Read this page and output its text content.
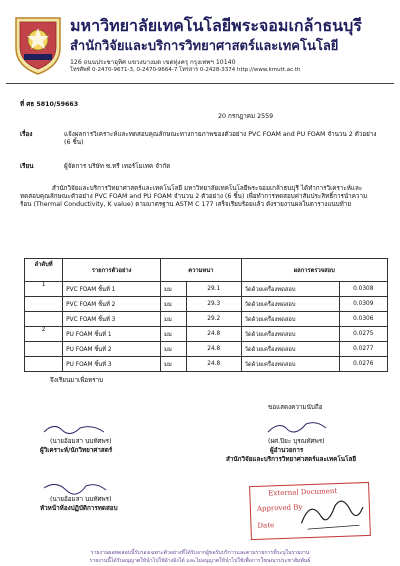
มหาวิทยาลัยเทคโนโลยีพระจอมเกล้าธนบุรี
สำนักวิจัยและบริการวิทยาศาสตร์และเทคโนโลยี
126 ถนนประชาอุทิศ แขวงบางมด เขตทุ่งครุ กรุงเทพฯ 10140
โทรศัพท์ 0-2470-9671-3, 0-2470-9664-7 โทรสาร 0-2428-3374 http://www.kmutt.ac.th
ที่ ศธ 5810/59663
20 กรกฎาคม 2559
เรื่อง	แจ้งผลการวิเคราะห์และทดสอบคุณลักษณะทางกายภาพของตัวอย่าง PVC FOAM and PU FOAM จำนวน 2 ตัวอย่าง (6 ชิ้น)
เรียน	ผู้จัดการ บริษัท ซ.ทรี เทอร์โมเทค จำกัด
สำนักวิจัยและบริการวิทยาศาสตร์และเทคโนโลยี มหาวิทยาลัยเทคโนโลยีพระจอมเกล้าธนบุรี ได้ทำการวิเคราะห์และทดสอบคุณลักษณะตัวอย่าง PVC FOAM and PU FOAM จำนวน 2 ตัวอย่าง (6 ชิ้น) เพื่อทำการทดสอบค่าสัมประสิทธิ์การนำความร้อน (Thermal Conductivity, K value) ตามมาตรฐาน ASTM C 177 เสร็จเรียบร้อยแล้ว ดังรายงานผลในตารางแนบท้าย
ลำดับที่	รายการตัวอย่าง	ความหนา		ผลการตรวจสอบ	
1	PVC FOAM ชิ้นที่ 1	มม	29.1	วัดด้วยเครื่องทดสอบ	0.0308
	PVC FOAM ชิ้นที่ 2	มม	29.3	วัดด้วยเครื่องทดสอบ	0.0309
	PVC FOAM ชิ้นที่ 3	มม	29.2	วัดด้วยเครื่องทดสอบ	0.0306
2	PU FOAM ชิ้นที่ 1	มม	24.8	วัดด้วยเครื่องทดสอบ	0.0275
	PU FOAM ชิ้นที่ 2	มม	24.8	วัดด้วยเครื่องทดสอบ	0.0277
	PU FOAM ชิ้นที่ 3	มม	24.8	วัดด้วยเครื่องทดสอบ	0.0276
จึงเรียนมาเพื่อทราบ
ขอแสดงความนับถือ
(นายอ้อมสา นบทัศพร)
ผู้วิเคราะห์/นักวิทยาศาสตร์
(ผศ.ปิยะ บุรณทัศพร)
ผู้อำนวยการ
สำนักวิจัยและบริการวิทยาศาสตร์และเทคโนโลยี
(นายอ้อมสา นบทัศพร)
หัวหน้าห้องปฏิบัติการทดสอบ
External Document
Approved By
Date
รายงานผลทดสอบนี้รับรองเฉพาะตัวอย่างที่ได้รับจากผู้ขอรับบริการและตามรายการที่ระบุในรายงาน
รายงานนี้ได้รับอนุญาตให้นำไปใช้อ้างอิงได้ และไม่อนุญาตให้นำไปใช้เพื่อการโฆษณาประชาสัมพันธ์
